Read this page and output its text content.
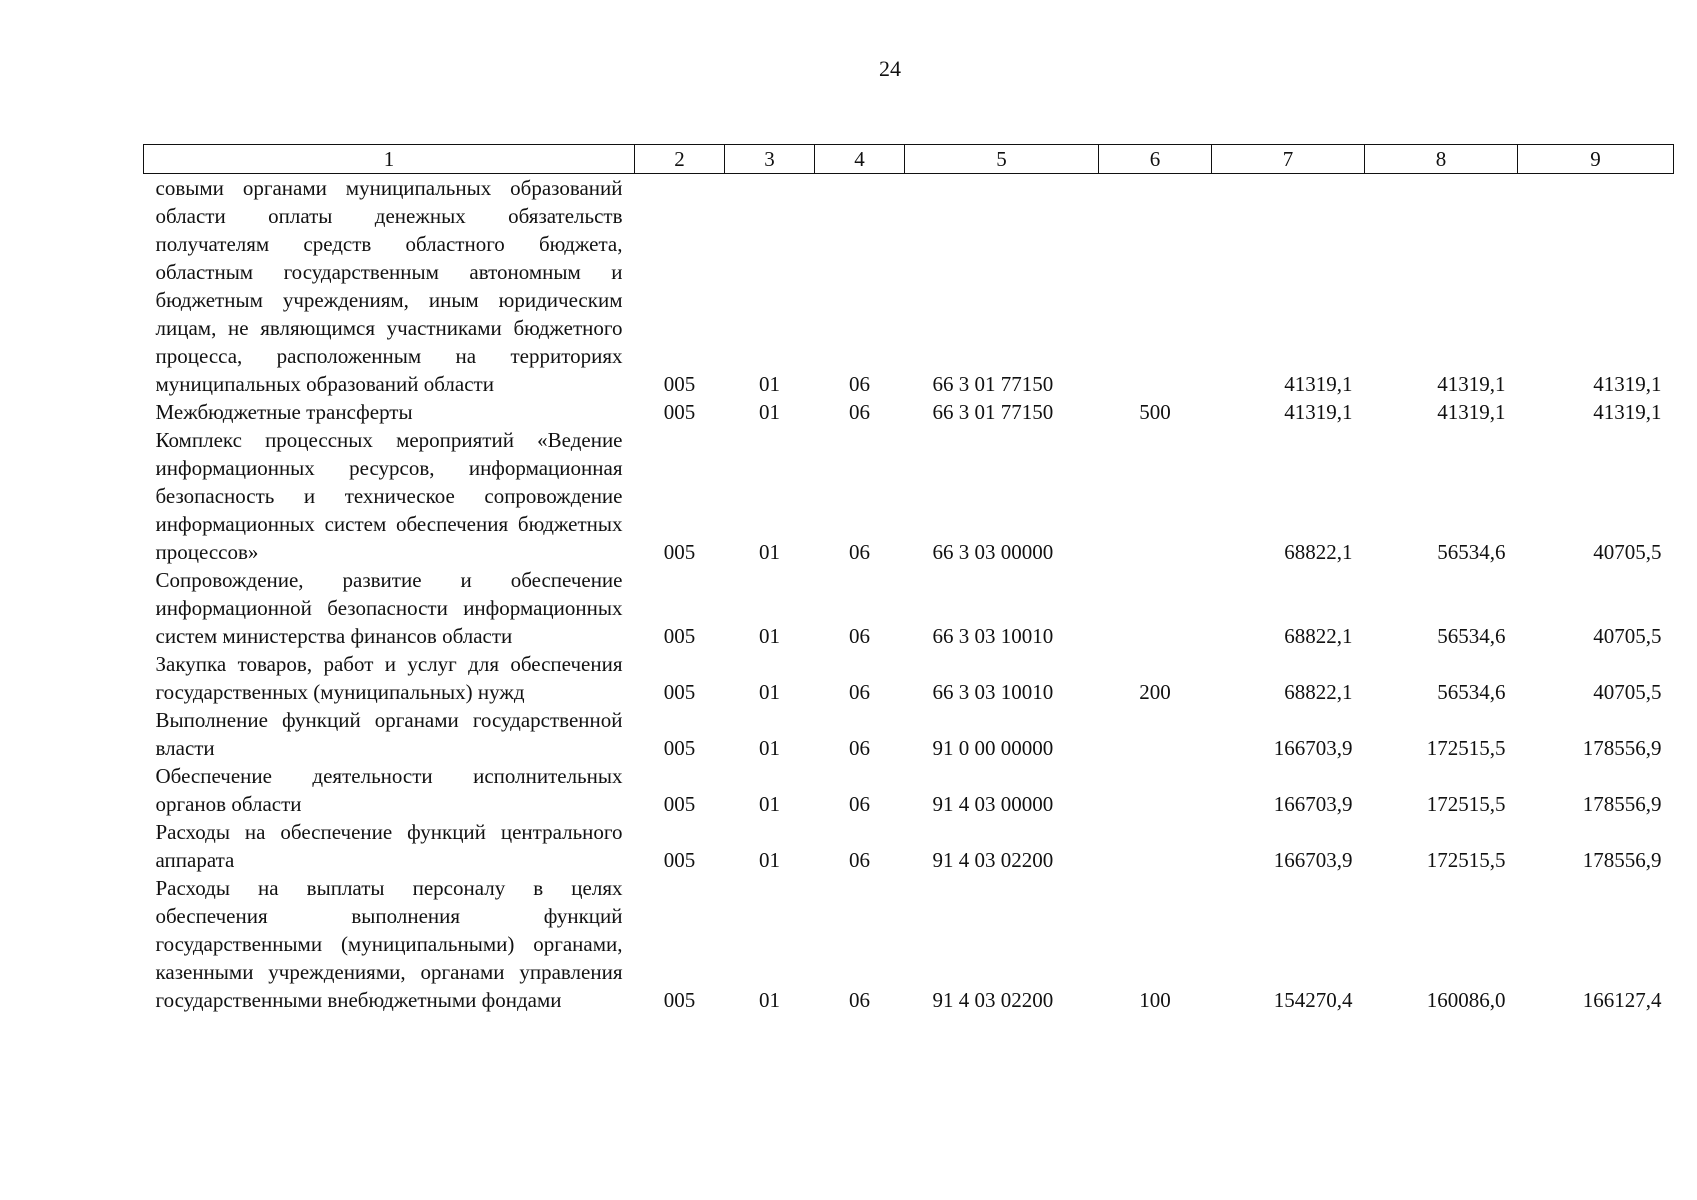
24
1	2	3	4	5	6	7	8	9
совыми органами муниципальных образований области оплаты денежных обязательств получателям средств областного бюджета, областным государственным автономным и бюджетным учреждениям, иным юридическим лицам, не являющимся участниками бюджетного процесса, расположенным на территориях муниципальных образований области	005	01	06	66 3 01 77150		41319,1	41319,1	41319,1
Межбюджетные трансферты	005	01	06	66 3 01 77150	500	41319,1	41319,1	41319,1
Комплекс процессных мероприятий «Ведение информационных ресурсов, информационная безопасность и техническое сопровождение информационных систем обеспечения бюджетных процессов»	005	01	06	66 3 03 00000		68822,1	56534,6	40705,5
Сопровождение, развитие и обеспечение информационной безопасности информационных систем министерства финансов области	005	01	06	66 3 03 10010		68822,1	56534,6	40705,5
Закупка товаров, работ и услуг для обеспечения государственных (муниципальных) нужд	005	01	06	66 3 03 10010	200	68822,1	56534,6	40705,5
Выполнение функций органами государственной власти	005	01	06	91 0 00 00000		166703,9	172515,5	178556,9
Обеспечение деятельности исполнительных органов области	005	01	06	91 4 03 00000		166703,9	172515,5	178556,9
Расходы на обеспечение функций центрального аппарата	005	01	06	91 4 03 02200		166703,9	172515,5	178556,9
Расходы на выплаты персоналу в целях обеспечения выполнения функций государственными (муниципальными) органами, казенными учреждениями, органами управления государственными внебюджетными фондами	005	01	06	91 4 03 02200	100	154270,4	160086,0	166127,4
